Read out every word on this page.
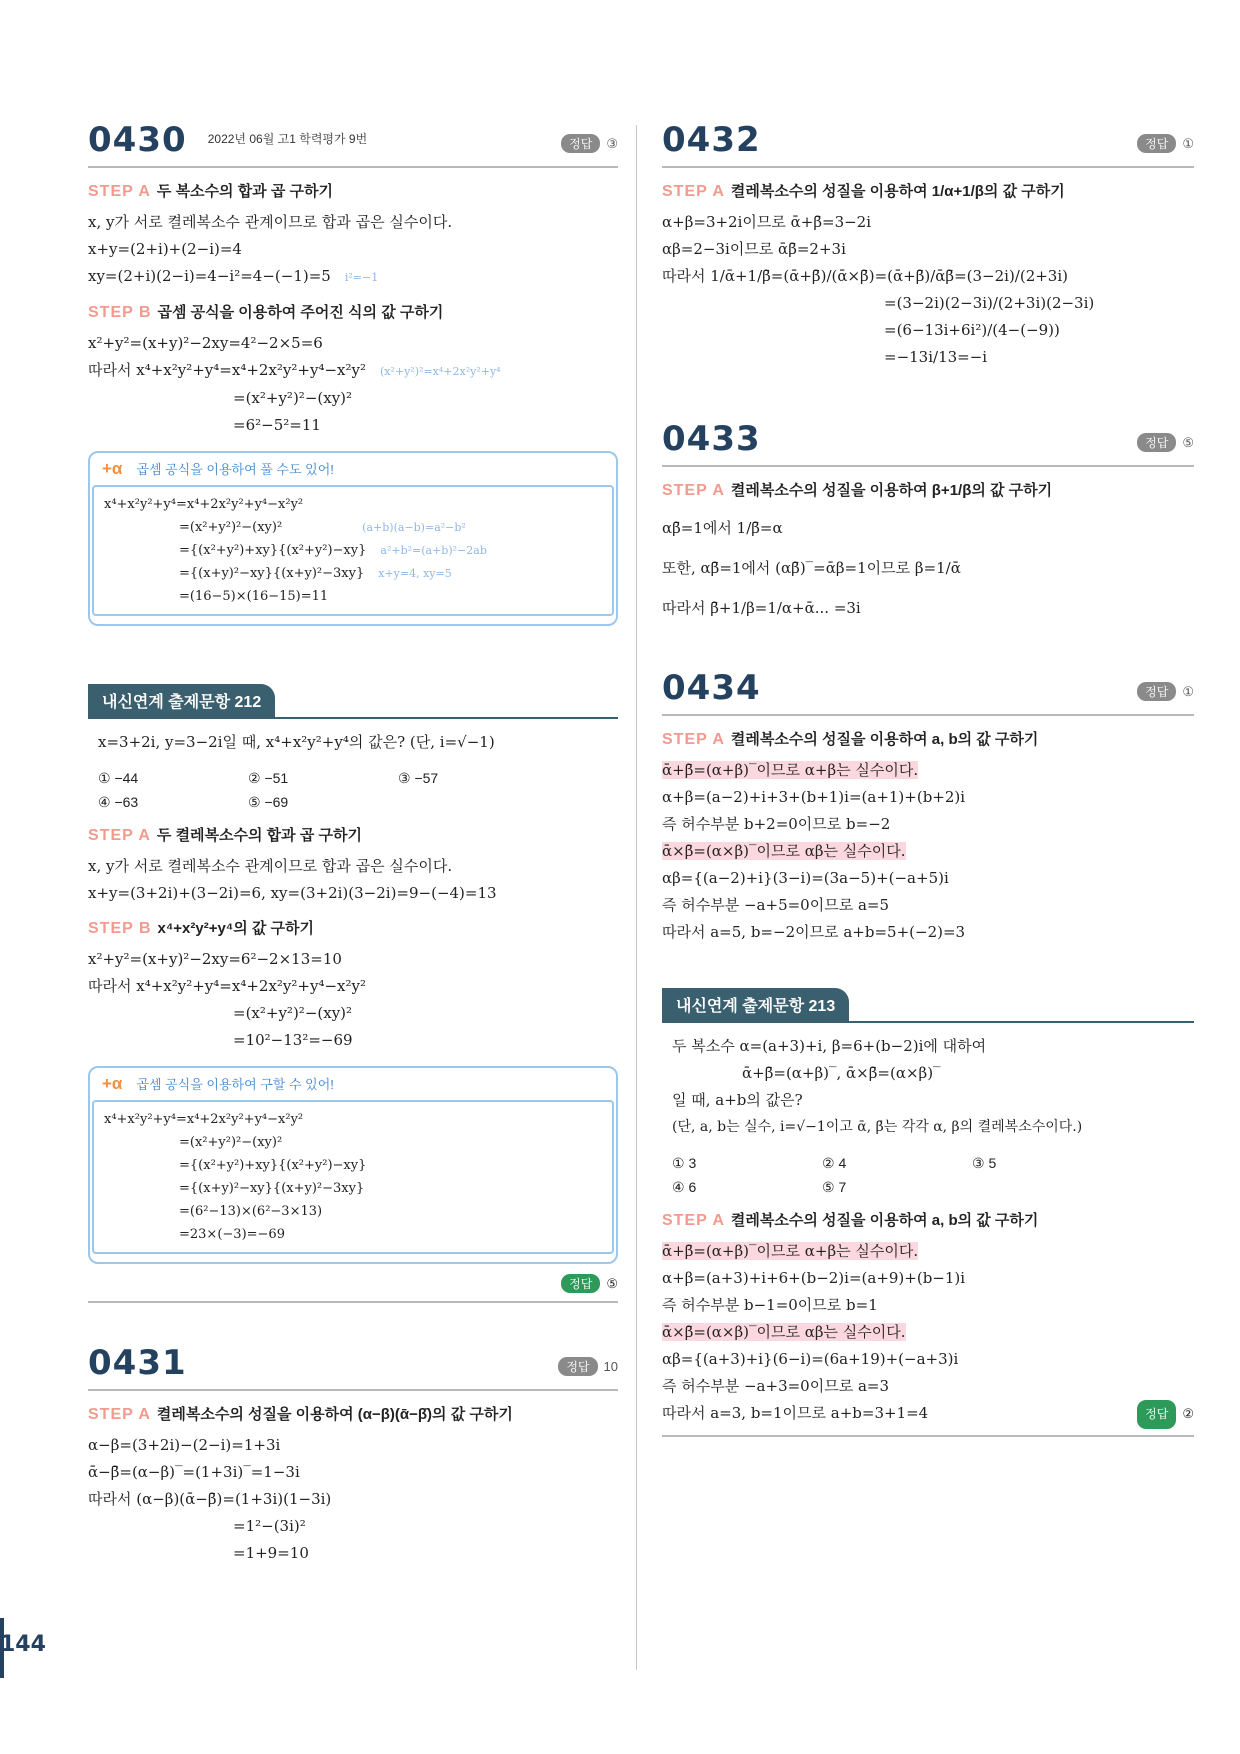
144
0430 $^{2022년 06월 고1 학력평가 9번}$	정답 ③
STEP A 두 복소수의 합과 곱 구하기
x, y가 서로 켤레복소수 관계이므로 합과 곱은 실수이다.
x+y=(2+i)+(2−i)=4
xy=(2+i)(2−i)=4−i²=4−(−1)=5 i²=−1
STEP B 곱셈 공식을 이용하여 주어진 식의 값 구하기
x²+y²=(x+y)²−2xy=4²−2×5=6
따라서 x⁴+x²y²+y⁴=x⁴+2x²y²+y⁴−x²y² (x²+y²)²=x⁴+2x²y²+y⁴
=(x²+y²)²−(xy)²
=6²−5²=11
+α 곱셈 공식을 이용하여 풀 수도 있어!
x⁴+x²y²+y⁴=x⁴+2x²y²+y⁴−x²y²
=(x²+y²)²−(xy)²	(a+b)(a−b)=a²−b²
={(x²+y²)+xy}{(x²+y²)−xy} a²+b²=(a+b)²−2ab
={(x+y)²−xy}{(x+y)²−3xy} x+y=4, xy=5
=(16−5)×(16−15)=11
내신연계 출제문항 212
x=3+2i, y=3−2i일 때, x⁴+x²y²+y⁴의 값은? (단, i=√−1)
① −44	② −51	③ −57
④ −63	⑤ −69
STEP A 두 켤레복소수의 합과 곱 구하기
x, y가 서로 켤레복소수 관계이므로 합과 곱은 실수이다.
x+y=(3+2i)+(3−2i)=6, xy=(3+2i)(3−2i)=9−(−4)=13
STEP B x⁴+x²y²+y⁴의 값 구하기
x²+y²=(x+y)²−2xy=6²−2×13=10
따라서 x⁴+x²y²+y⁴=x⁴+2x²y²+y⁴−x²y²
=(x²+y²)²−(xy)²
=10²−13²=−69
+α 곱셈 공식을 이용하여 구할 수 있어!
x⁴+x²y²+y⁴=x⁴+2x²y²+y⁴−x²y²
=(x²+y²)²−(xy)²
={(x²+y²)+xy}{(x²+y²)−xy}
={(x+y)²−xy}{(x+y)²−3xy}
=(6²−13)×(6²−3×13)
=23×(−3)=−69
정답 ⑤
0431	정답 10
STEP A 켤레복소수의 성질을 이용하여 (α−β)(ᾱ−β̄)의 값 구하기
α−β=(3+2i)−(2−i)=1+3i
ᾱ−β̄=(α−β)‾=(1+3i)‾=1−3i
따라서 (α−β)(ᾱ−β̄)=(1+3i)(1−3i)
=1²−(3i)²
=1+9=10
0432	정답 ①
STEP A 켤레복소수의 성질을 이용하여 1/α+1/β의 값 구하기
α+β=3+2i이므로 ᾱ+β̄=3−2i
αβ=2−3i이므로 ᾱβ̄=2+3i
따라서 1/ᾱ+1/β̄=(ᾱ+β̄)/(ᾱ×β̄)=(ᾱ+β̄)/ᾱβ̄=(3−2i)/(2+3i)
=(3−2i)(2−3i)/(2+3i)(2−3i)
=(6−13i+6i²)/(4−(−9))
=−13i/13=−i
0433	정답 ⑤
STEP A 켤레복소수의 성질을 이용하여 β+1/β의 값 구하기
αβ̄=1에서 1/β̄=α
또한, αβ̄=1에서 (αβ̄)‾=ᾱβ=1이므로 β=1/ᾱ
따라서 β̄+1/β=1/α+ᾱ... =3i
0434	정답 ①
STEP A 켤레복소수의 성질을 이용하여 a, b의 값 구하기
ᾱ+β̄=(α+β)‾이므로 α+β는 실수이다.
α+β=(a−2)+i+3+(b+1)i=(a+1)+(b+2)i
즉 허수부분 b+2=0이므로 b=−2
ᾱ×β̄=(α×β)‾이므로 αβ는 실수이다.
αβ={(a−2)+i}(3−i)=(3a−5)+(−a+5)i
즉 허수부분 −a+5=0이므로 a=5
따라서 a=5, b=−2이므로 a+b=5+(−2)=3
내신연계 출제문항 213
두 복소수 α=(a+3)+i, β=6+(b−2)i에 대하여
ᾱ+β̄=(α+β)‾, ᾱ×β̄=(α×β)‾
일 때, a+b의 값은?
(단, a, b는 실수, i=√−1이고 ᾱ, β̄는 각각 α, β의 켤레복소수이다.)
① 3	② 4	③ 5
④ 6	⑤ 7
STEP A 켤레복소수의 성질을 이용하여 a, b의 값 구하기
ᾱ+β̄=(α+β)‾이므로 α+β는 실수이다.
α+β=(a+3)+i+6+(b−2)i=(a+9)+(b−1)i
즉 허수부분 b−1=0이므로 b=1
ᾱ×β̄=(α×β)‾이므로 αβ는 실수이다.
αβ={(a+3)+i}(6−i)=(6a+19)+(−a+3)i
즉 허수부분 −a+3=0이므로 a=3
따라서 a=3, b=1이므로 a+b=3+1=4	정답 ②
